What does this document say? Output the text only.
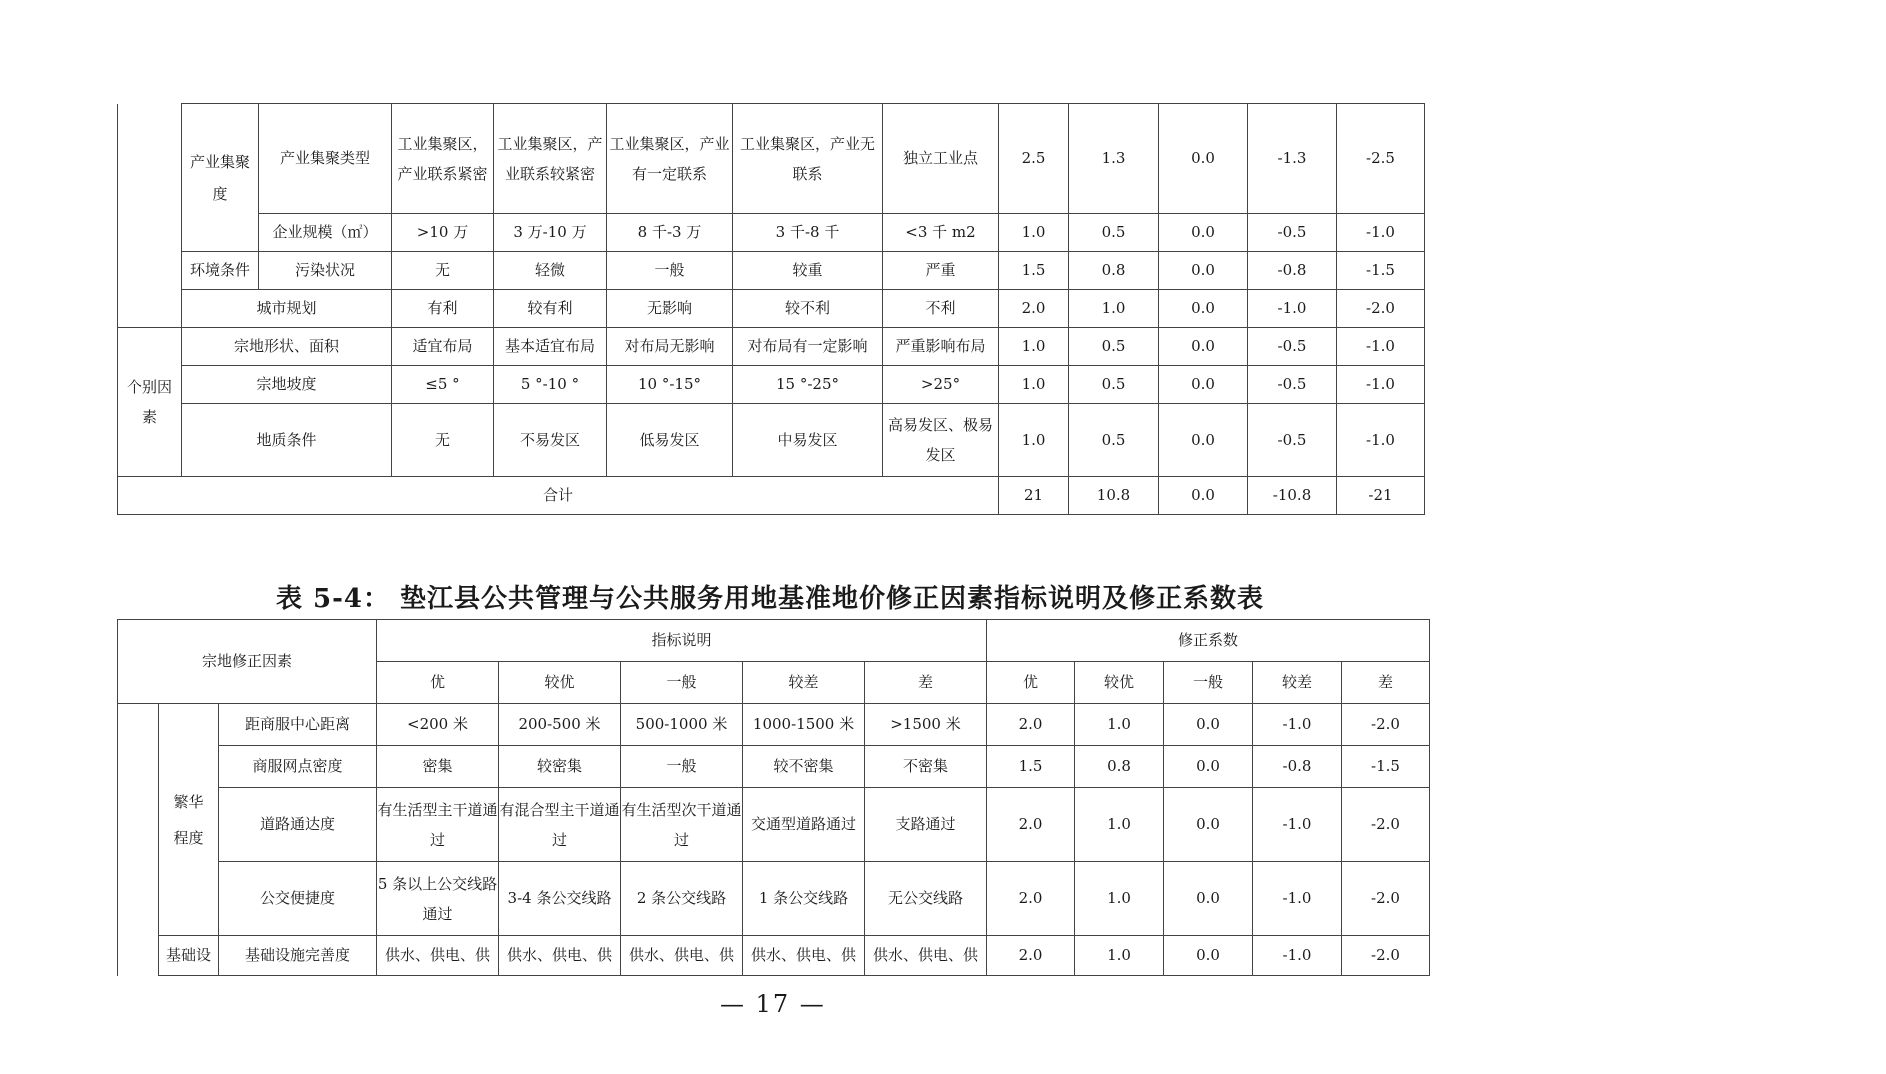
	产业集聚度	产业集聚类型	工业集聚区，产业联系紧密	工业集聚区，产业联系较紧密	工业集聚区，产业有一定联系	工业集聚区，产业无联系	独立工业点	2.5	1.3	0.0	-1.3	-2.5
		企业规模（㎡）	>10 万	3 万-10 万	8 千-3 万	3 千-8 千	<3 千 m2	1.0	0.5	0.0	-0.5	-1.0
	环境条件	污染状况	无	轻微	一般	较重	严重	1.5	0.8	0.0	-0.8	-1.5
	城市规划		有利	较有利	无影响	较不利	不利	2.0	1.0	0.0	-1.0	-2.0
个别因素	宗地形状、面积		适宜布局	基本适宜布局	对布局无影响	对布局有一定影响	严重影响布局	1.0	0.5	0.0	-0.5	-1.0
	宗地坡度		≤5 °	5 °-10 °	10 °-15°	15 °-25°	>25°	1.0	0.5	0.0	-0.5	-1.0
	地质条件		无	不易发区	低易发区	中易发区	高易发区、极易发区	1.0	0.5	0.0	-0.5	-1.0
合计								21	10.8	0.0	-10.8	-21
表 5-4： 垫江县公共管理与公共服务用地基准地价修正因素指标说明及修正系数表
宗地修正因素			指标说明					修正系数				
			优	较优	一般	较差	差	优	较优	一般	较差	差
	繁华程度	距商服中心距离	<200 米	200-500 米	500-1000 米	1000-1500 米	>1500 米	2.0	1.0	0.0	-1.0	-2.0
		商服网点密度	密集	较密集	一般	较不密集	不密集	1.5	0.8	0.0	-0.8	-1.5
		道路通达度	有生活型主干道通过	有混合型主干道通过	有生活型次干道通过	交通型道路通过	支路通过	2.0	1.0	0.0	-1.0	-2.0
		公交便捷度	5 条以上公交线路通过	3-4 条公交线路	2 条公交线路	1 条公交线路	无公交线路	2.0	1.0	0.0	-1.0	-2.0
	基础设	基础设施完善度	供水、供电、供	供水、供电、供	供水、供电、供	供水、供电、供	供水、供电、供	2.0	1.0	0.0	-1.0	-2.0
— 17 —
